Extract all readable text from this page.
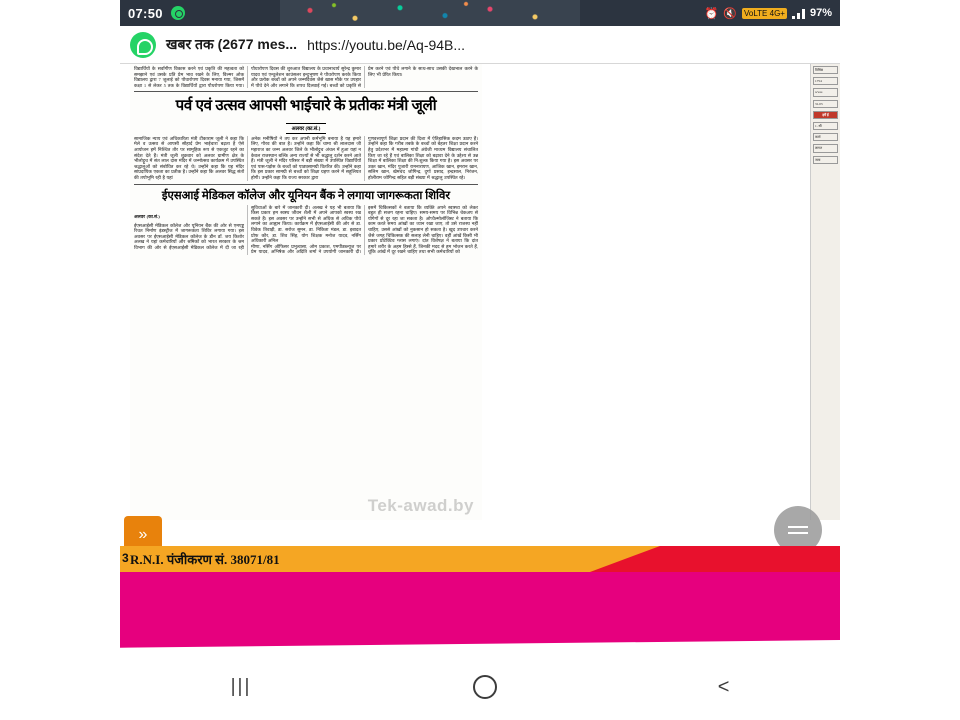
07:50	⏰ 🔇 VoLTE 4G+ 97%
खबर तक (2677 mes... https://youtu.be/Aq-94B...
विद्यार्थियों के सर्वांगीण विकास करने एवं प्रकृति की महत्वता को समझाने एवं उसके प्रति प्रेम भाव रखने के लिए, विल्मर ओक विद्यालय द्वारा 7 जुलाई को पौधारोपण दिवस मनाया गया, जिसमें कक्षा 1 से लेकर 5 तक के विद्यार्थियों द्वारा पौधरोपण किया गया। पौधारोपण दिवस की शुरुआत विद्यालय के प्रधानाचार्य सुरेन्द्र कुमार यादव एवं एन्थुलेशन काउंसलर इन्दुभूषण ने पौधरोपण करके किया और प्रत्येक बच्चों को अपने जन्मदिवस जैसे खास मौके पर उपहार में पौधे देने और लगाने कि शपथ दिलवाई गई। बच्चों को प्रकृति से प्रेम करने एवं पौधे लगाने के साथ-साथ उसकी देखभाल करने के लिए भी प्रेरित किया।
पर्व एवं उत्सव आपसी भाईचारे के प्रतीकः मंत्री जूली
अलवर (का.सं.)
सामाजिक न्याय एवं अधिकारिता मंत्री टीकाराम जूली ने कहा कि मेले व उत्सव से आपसी सौहार्द प्रेम भाईचारा बढ़ता है ऐसे आयोजन हमें निश्चित तौर पर सामूहिक रूप से एकजुट रहने का संदेश देते हैं। मंत्री जूली शुक्रवार को अलवर ग्रामीण क्षेत्र के भीलोट्टूच में संत लाल दास मंदिर में जन्मोत्सव कार्यक्रम में उपस्थित श्रद्धालुओं को संबोधित कर रहे थे। उन्होंने कहा कि यह मंदिर सांप्रदायिक एकता का प्रतीक है। उन्होंने कहा कि अलवर सिद्ध संतों की तपोभूमि रही है यहां
अनेक मनीषियों ने तप कर अपनी कर्मभूमि बनाया है यह हमारे लिए, गौरव की बात है। उन्होंने कहा कि चामा श्री लालदास जी महाराज का जन्म अलवर जिले के भीलोट्टूच अंचल में हुआ यहां न केवल राजस्थान बल्कि अन्य राज्यों से भी श्रद्धालु दर्शन करने आते हैं। मंत्री जूली ने मंदिर परिसर में बड़ी संख्या में उपस्थित विद्यार्थियों एवं पास-पड़ोस के बच्चों को पाठ्यसामग्री वितरित की। उन्होंने कहा कि इस प्रकार सामग्री से बच्चों को शिक्षा ग्रहण करने में सहूलियत होगी। उन्होंने कहा कि राज्य सरकार द्वारा
गुणवत्तापूर्ण शिक्षा प्रदान की दिशा में ऐतिहासिक कदम उठाए हैं। उन्होंने कहा कि गरीब तबके के बच्चों को बेहतर शिक्षा प्रदान करने हेतु प्रदेशभर में महात्मा गांधी अंग्रेजी माध्यम विद्यालय संचालित किए जा रहे हैं एवं बालिका शिक्षा को बढ़ावा देने के उद्देश्य से उन्न शिक्षा में बालिका शिक्षा की नि:शुल्क किया गया है। इस अवसर पर उक्त खान, मंदिर पुजारी रामनारायण, आजिक खान, इमरान खान, सलिम खान, खेमचंद जोगिन्द्र, दुर्गा प्रसाद, इन्द्रसाल, निरंजन, होलीराम जोगिन्द्र सहित बड़ी संख्या में श्रद्धालु उपस्थित रहे।
ईएसआई मेडिकल कॉलेज और यूनियन बैंक ने लगाया जागरूकता शिविर
अलवर (का.सं.)
ईएसआईसी मेडिकल कॉलेज और यूनियन बैंक की ओर से एमएड्ड रिथत निर्माण इंडस्ट्रीज में जागरूकता शिविर लगाया गया। इस अवसर पर ईएसआईसी मेडिकल कॉलेज के डीन डॉ. जय किशोर अलख ने यहां कर्मचारियों और श्रमिकों को भारत सरकार के श्रम विभाग की ओर से ईएसआईसी मेडिकल कॉलेज में दी जा रही सुविधाओं के बारे में जानकारी दी। अलख ने यह भी बताया कि किस प्रकार हम स्वस्थ जीवन शैली में अपने आपको स्वस्थ रख सकते हैं। इस अवसर पर उन्होंने सभी से अधिक से अधिक पौधे लगाने का आह्वान किया। कार्यक्रम में ईएसआईसी की ओर से डा. विवेक तिवाड़ी, डा. सरोज सुमन, डा. निकिता मंडल, डा. इबादत प्रोफ कौर, डा. शिव सिंह, योग शिक्षक मनोज यादव, नर्सिंग अधिकारी अनिल
मीणा, नर्सिंग ऑफिसर प्रभुत्वासा, ओम प्रकाश, एमपीडब्ल्यूज पर प्रेम यादव, अभिषेक और अदिति शर्मा ने उपयोगी जानकारी दी। इसमें चिकित्सकों ने बताया कि व्यक्ति अपने स्वास्थ्य को लेकर बहुत ही सजग रहना चाहिए। समय-समय पर विभिन्न चेकअप से योगेगों से दूर रहा जा सकता है। ओप्थैल्मोलॉजिस्ट ने बताया कि काम करते समय आंखों का ध्यान रखा जाए, तो उसे राजस्थ नहीं चाहिए, उससे आंखों को नुकसान हो सकता है। खुद उपचार करने जैसे जगह चिकित्सक की सलाह लेनी चाहिए। वहीं आंखें किसी भी प्रकार प्रोटेक्टिव ग्लास लगाएं। दांत विशेषज्ञ ने बताया कि दांत हमारे शरीर के अहम हिस्से हैं, जिनकी मदद से हम भोजन करते हैं, चूंकि आंखें में दूर रखने चाहिए तथा सभी कर्मचारियों को
Tek-awad.by
विभिन्न
1754
www.
31.03
हमें ई
1. श्री
कार्य
लागत
जमा
»
3 R.N.I. पंजीकरण सं. 38071/81
|||	<
